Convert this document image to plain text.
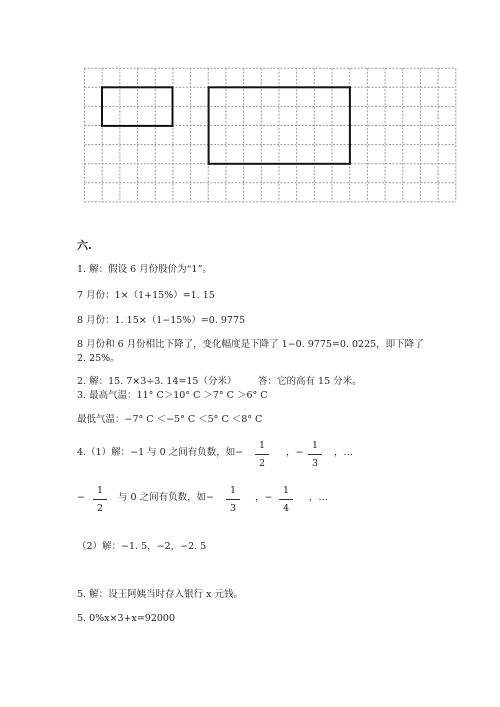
六.
1. 解：假设 6 月份股价为“1”。
7 月份：1×（1+15%）=1. 15
8 月份：1. 15×（1−15%）=0. 9775
8 月份和 6 月份相比下降了，变化幅度是下降了 1−0. 9775=0. 0225，即下降了
2. 25%。
2. 解：15. 7×3÷3. 14=15（分米） 答：它的高有 15 分米。
3. 最高气温：11° C＞10° C ＞7° C ＞6° C
最低气温：−7° C ＜−5° C ＜5° C ＜8° C
4.（1）解：−1 与 0 之间有负数，如−
1
2
，−
1
3
，…
−
1
2
与 0 之间有负数，如−
1
3
，−
1
4
，…
（2）解：−1. 5，−2，−2. 5
5. 解：设王阿姨当时存入银行 x 元钱。
5. 0%x×3+x=92000
